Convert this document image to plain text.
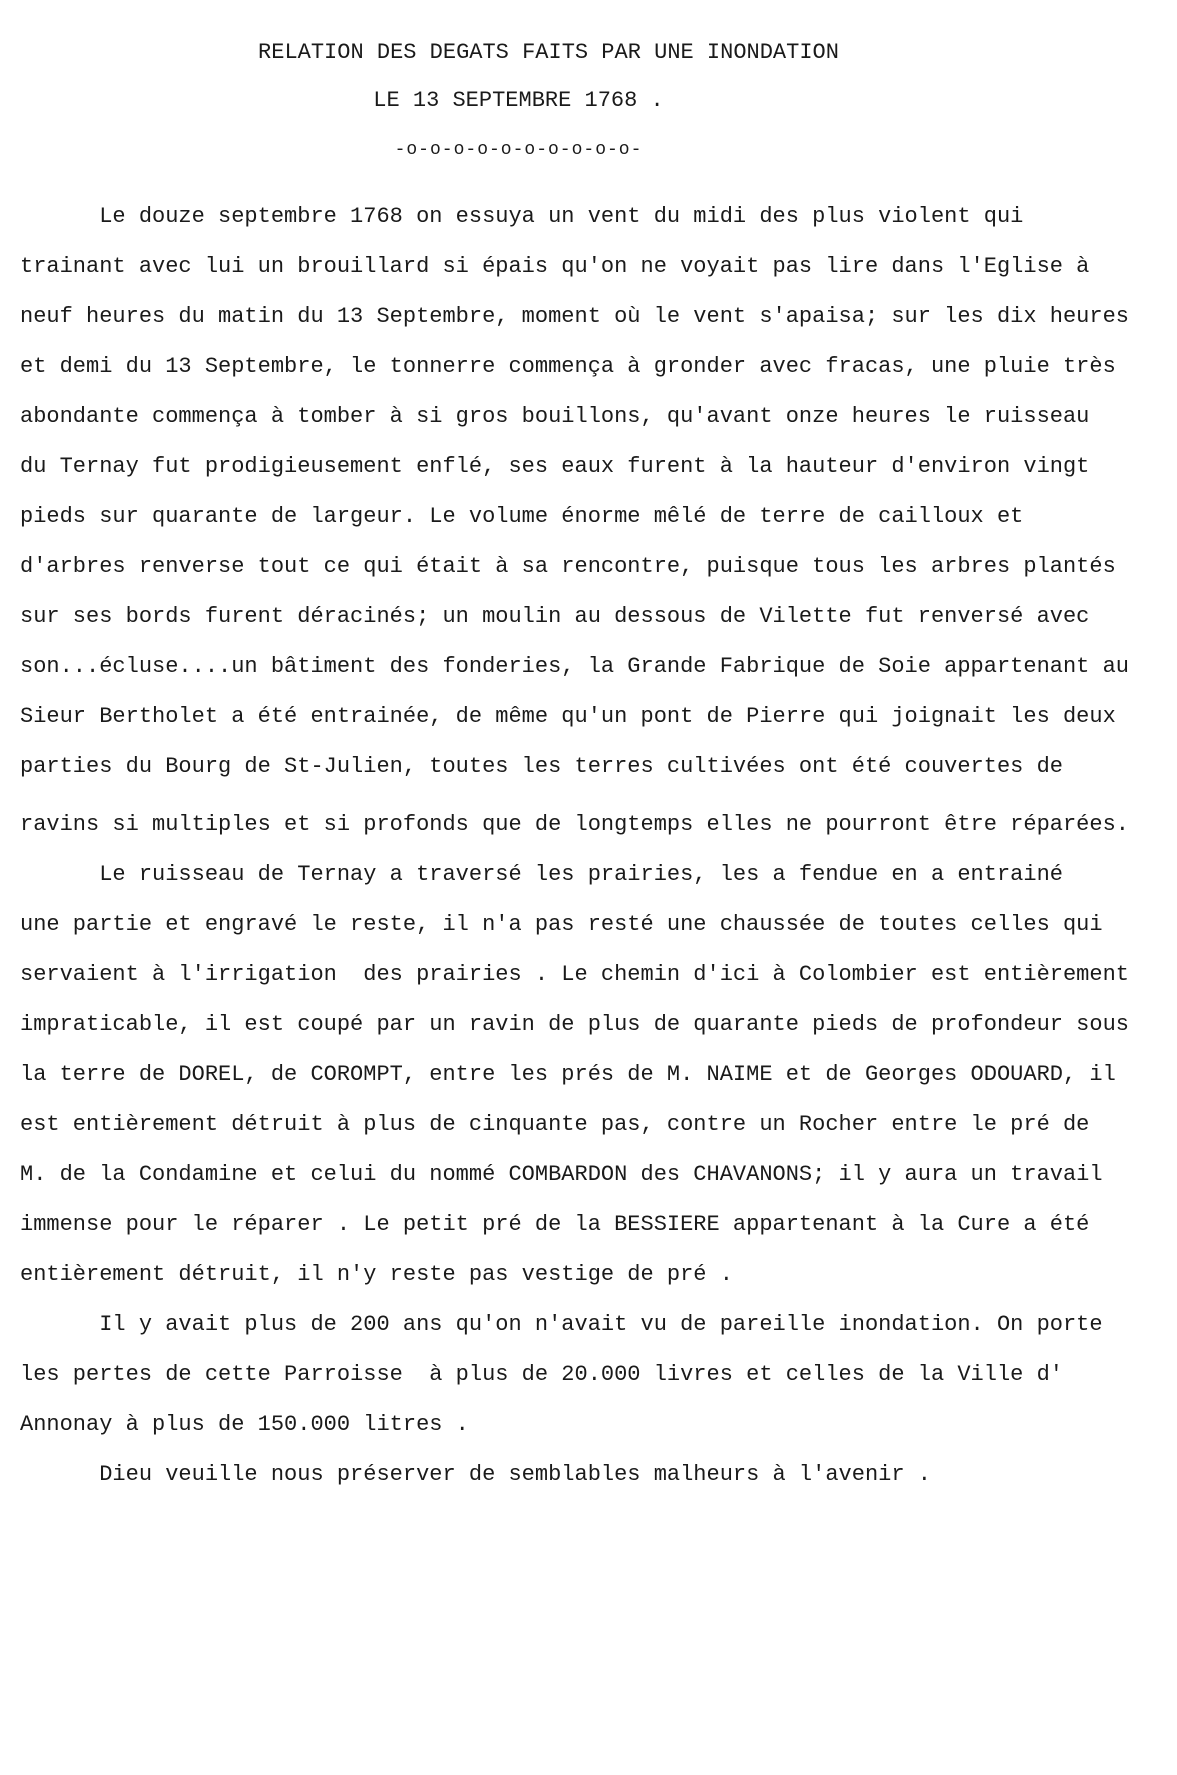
RELATION DES DEGATS FAITS PAR UNE INONDATION
LE 13 SEPTEMBRE 1768 .
-o-o-o-o-o-o-o-o-o-o-
Le douze septembre 1768 on essuya un vent du midi des plus violent qui
trainant avec lui un brouillard si épais qu'on ne voyait pas lire dans l'Eglise à
neuf heures du matin du 13 Septembre, moment où le vent s'apaisa; sur les dix heures
et demi du 13 Septembre, le tonnerre commença à gronder avec fracas, une pluie très
abondante commença à tomber à si gros bouillons, qu'avant onze heures le ruisseau
du Ternay fut prodigieusement enflé, ses eaux furent à la hauteur d'environ vingt
pieds sur quarante de largeur. Le volume énorme mêlé de terre de cailloux et
d'arbres renverse tout ce qui était à sa rencontre, puisque tous les arbres plantés
sur ses bords furent déracinés; un moulin au dessous de Vilette fut renversé avec
son...écluse....un bâtiment des fonderies, la Grande Fabrique de Soie appartenant au
Sieur Bertholet a été entrainée, de même qu'un pont de Pierre qui joignait les deux
parties du Bourg de St-Julien, toutes les terres cultivées ont été couvertes de
ravins si multiples et si profonds que de longtemps elles ne pourront être réparées.
Le ruisseau de Ternay a traversé les prairies, les a fendue en a entrainé
une partie et engravé le reste, il n'a pas resté une chaussée de toutes celles qui
servaient à l'irrigation  des prairies . Le chemin d'ici à Colombier est entièrement
impraticable, il est coupé par un ravin de plus de quarante pieds de profondeur sous
la terre de DOREL, de COROMPT, entre les prés de M. NAIME et de Georges ODOUARD, il
est entièrement détruit à plus de cinquante pas, contre un Rocher entre le pré de
M. de la Condamine et celui du nommé COMBARDON des CHAVANONS; il y aura un travail
immense pour le réparer . Le petit pré de la BESSIERE appartenant à la Cure a été
entièrement détruit, il n'y reste pas vestige de pré .
Il y avait plus de 200 ans qu'on n'avait vu de pareille inondation. On porte
les pertes de cette Parroisse  à plus de 20.000 livres et celles de la Ville d'
Annonay à plus de 150.000 litres .
Dieu veuille nous préserver de semblables malheurs à l'avenir .
